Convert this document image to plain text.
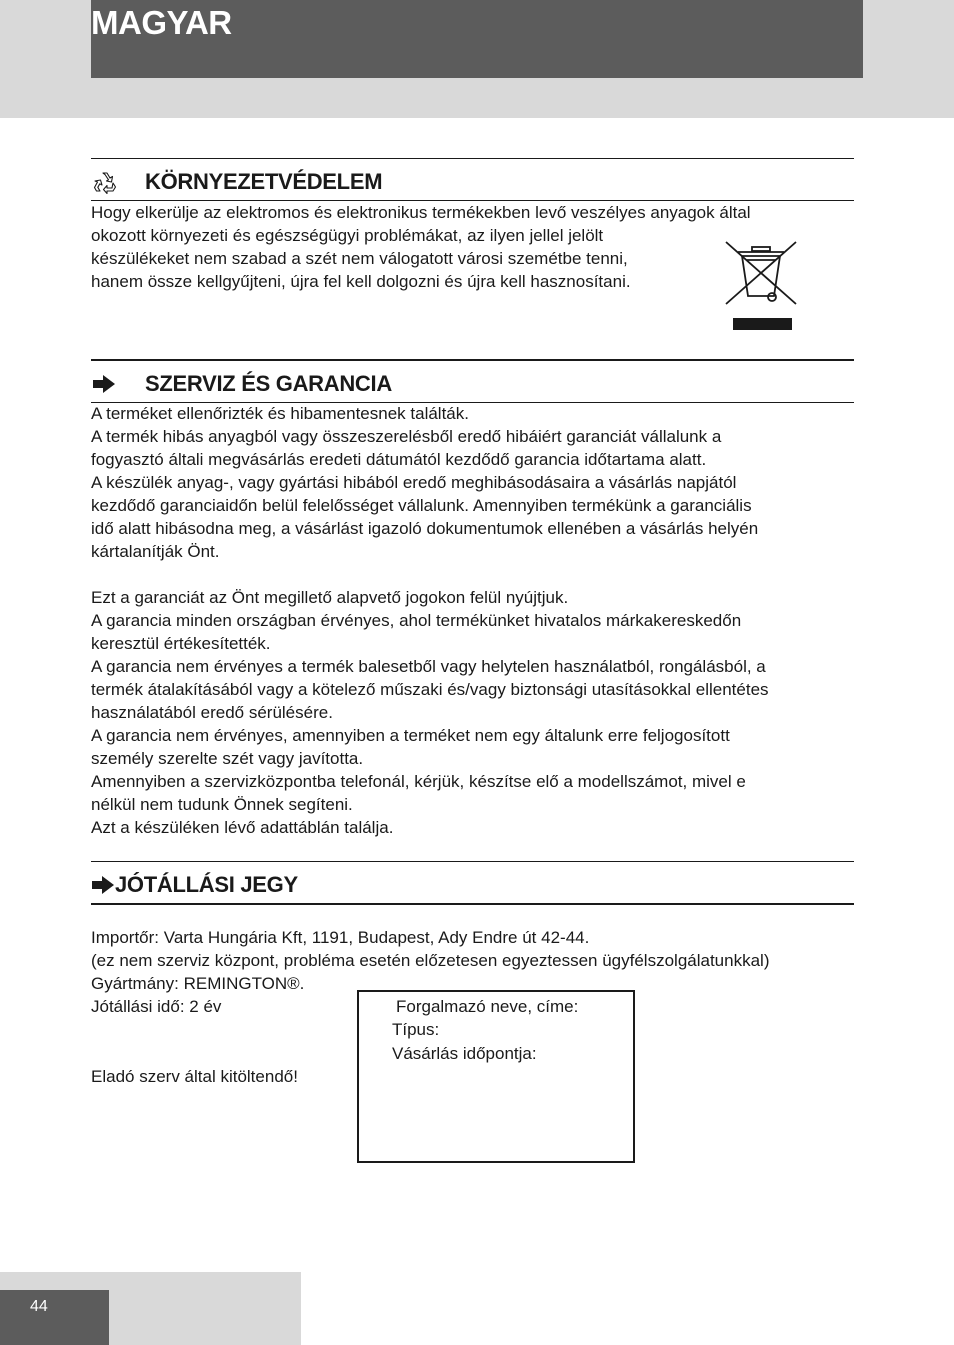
MAGYAR
KÖRNYEZETVÉDELEM

Hogy elkerülje az elektromos és elektronikus termékekben levő veszélyes anyagok által
okozott környezeti és egészségügyi problémákat, az ilyen jellel jelölt
készülékeket nem szabad a szét nem válogatott városi szemétbe tenni,
hanem össze kellgyűjteni, újra fel kell dolgozni és újra kell hasznosítani.

SZERVIZ ÉS GARANCIA

A terméket ellenőrizték és hibamentesnek találták.
A termék hibás anyagból vagy összeszerelésből eredő hibáiért garanciát vállalunk a
fogyasztó általi megvásárlás eredeti dátumától kezdődő garancia időtartama alatt.
A készülék anyag-, vagy gyártási hibából eredő meghibásodásaira a vásárlás napjától
kezdődő garanciaidőn belül felelősséget vállalunk. Amennyiben termékünk a garanciális
idő alatt hibásodna meg, a vásárlást igazoló dokumentumok ellenében a vásárlás helyén
kártalanítják Önt.

Ezt a garanciát az Önt megillető alapvető jogokon felül nyújtjuk.
A garancia minden országban érvényes, ahol termékünket hivatalos márkakereskedőn
keresztül értékesítették.
A garancia nem érvényes a termék balesetből vagy helytelen használatból, rongálásból, a
termék átalakításából vagy a kötelező műszaki és/vagy biztonsági utasításokkal ellentétes
használatából eredő sérülésére.
A garancia nem érvényes, amennyiben a terméket nem egy általunk erre feljogosított
személy szerelte szét vagy javította.
Amennyiben a szervizközpontba telefonál, kérjük, készítse elő a modellszámot, mivel e
nélkül nem tudunk Önnek segíteni.
Azt a készüléken lévő adattáblán találja.

JÓTÁLLÁSI JEGY

Importőr: Varta Hungária Kft, 1191, Budapest, Ady Endre út 42-44.
(ez nem szerviz központ, probléma esetén előzetesen egyeztessen ügyfélszolgálatunkkal)
Gyártmány: REMINGTON®.
Jótállási idő: 2 év

Eladó szerv által kitöltendő!

Forgalmazó neve, címe:
Típus:
Vásárlás időpontja:
44
